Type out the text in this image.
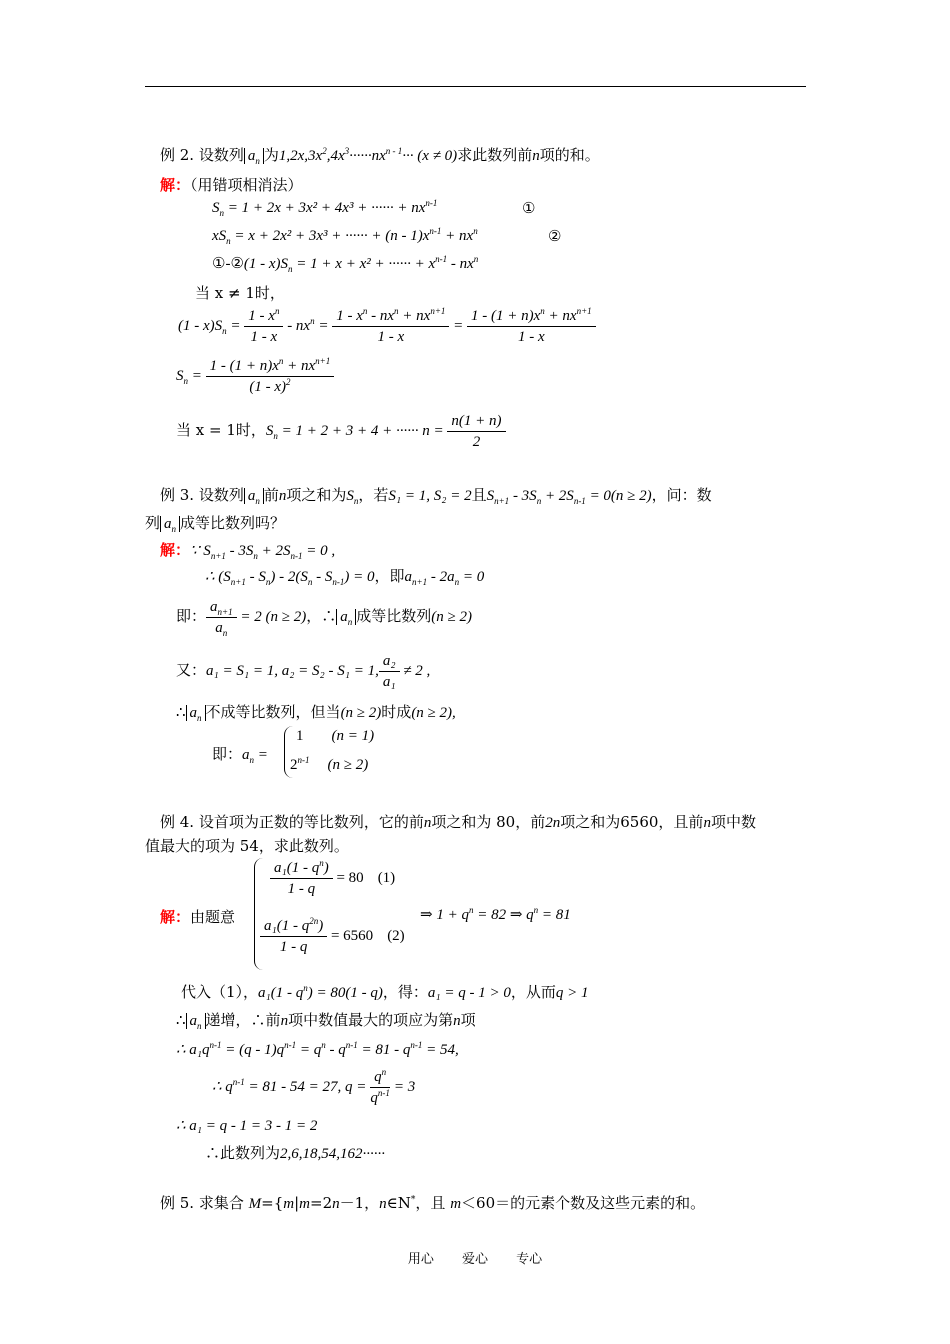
例 2. 设数列 $a_n$ 为$1,2x,3x^2,4x^3\cdot\cdot\cdot\cdot\cdot\cdot nx^{n - 1}\cdot\cdot\cdot (x \ne 0)$求此数列前n项的和。
解：（用错项相消法）
$S_n = 1 + 2x + 3x^2 + 4x^3$ + ······ + $nx^{n-1}$	①
$xS_n = x + 2x^2 + 3x^3$ + ······ + $(n - 1)x^{n-1} + nx^n$	②
①-②(1 - $x)S_n = 1 + x + x^2$ + ······ + $x^{n-1} - nx^n$
当 x ≠ 1时，
$(1 - x)S_n = \frac{1 - x^n}{1 - x} - nx^n = \frac{1 - x^n - nx^n + nx^{n+1}}{1 - x} = \frac{1 - (1 + n)x^n + nx^{n+1}}{1 - x}$
$S_n = \frac{1 - (1 + n)x^n + nx^{n+1}}{(1 - x)^2}$
当 x = 1时，$S_n = 1 + 2 + 3 + 4$ + ······ $n = \frac{n(1 + n)}{2}$
例 3. 设数列 $a_n$ 前n项之和为$S_n$，若S₁ = 1, S₂ = 2且$S_{n+1} - 3S_n + 2S_{n-1} = 0(n \ge 2)$，问：数
列 $a_n$ 成等比数列吗？
解：∵ $S_{n+1} - 3S_n + 2S_{n-1} = 0$ ,
∴ $(S_{n+1} - S_n) - 2(S_n - S_{n-1}) = 0$，即$a_{n+1} - 2a_n = 0$
即： $\frac{a_{n+1}}{a_n} = 2$ (n ≥ 2)，∴ $a_n$ 成等比数列(n ≥ 2)
又：a₁ = S₁ = 1, a₂ = S₂ - S₁ = 1, $\frac{\text{a₂}}{\text{a₁}} \ne 2$ ,
∴ $a_n$ 不成等比数列，但当(n ≥ 2)时成(n ≥ 2),
即：$a_n$ =
1 (n = 1)
2$^{n-1}$ (n ≥ 2)
例 4. 设首项为正数的等比数列，它的前n项之和为 80，前2n项之和为6560，且前n项中数
值最大的项为 54，求此数列。
解：由题意
$\frac{a_1(1 - q^n)}{1 - q} = 80$ (1)
$\frac{a_1(1 - q^{2n})}{1 - q} = 6560$ (2)
⇒ $1 + q^n = 82$ ⇒ $q^n = 81$
代入（1），$a_1(1 - q^n) = 80(1 - q)$，得：a₁ = q - 1 > 0，从而q > 1
∴ $a_n$ 递增，∴前n项中数值最大的项应为第n项
∴ $a_1q^{n-1} = (q - 1)q^{n-1} = q^n - q^{n-1} = 81 - q^{n-1} = 54$,
∴ $q^{n-1} = 81 - 54 = 27$, $q = \frac{q^n}{q^{n-1}} = 3$
∴ a₁ = q - 1 = 3 - 1 = 2
∴此数列为2,6,18,54,162······
例 5. 求集合 M={m|m=2n－1，n∈N*，且 m＜60＝的元素个数及这些元素的和。
用心 爱心 专心
